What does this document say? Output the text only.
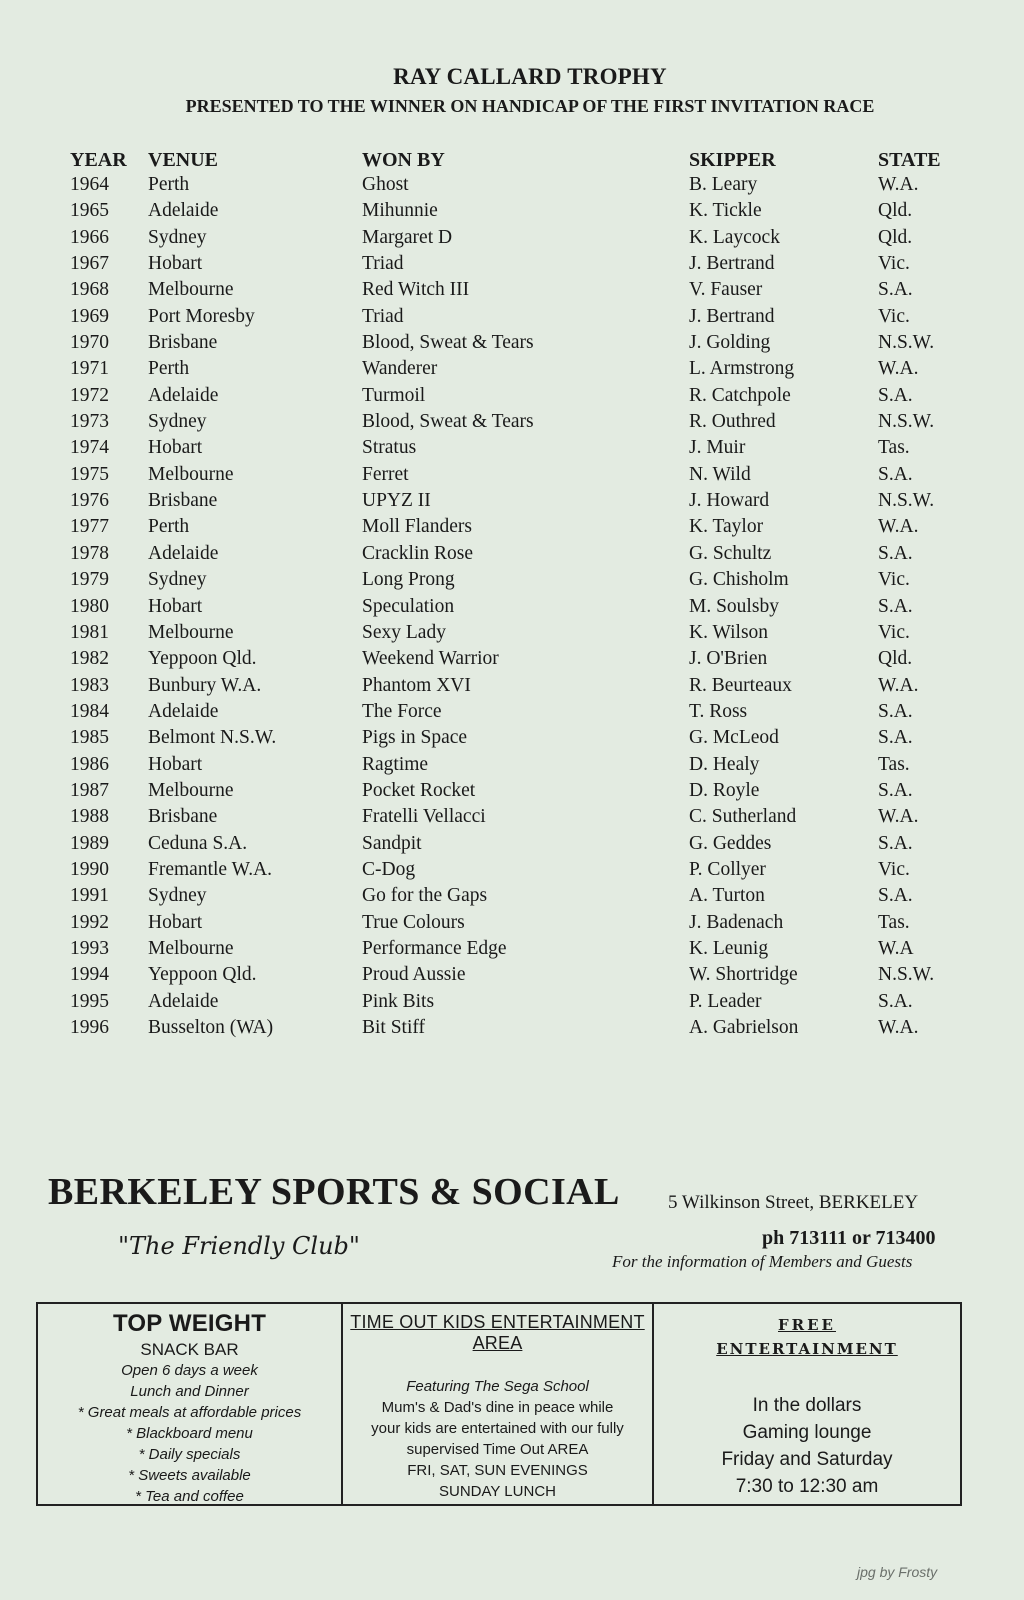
RAY CALLARD TROPHY
PRESENTED TO THE WINNER ON HANDICAP OF THE FIRST INVITATION RACE
YEAR VENUE	WON BY	SKIPPER	STATE
1964 Perth	Ghost	B. Leary	W.A.
1965 Adelaide	Mihunnie	K. Tickle	Qld.
1966 Sydney	Margaret D	K. Laycock	Qld.
1967 Hobart	Triad	J. Bertrand	Vic.
1968 Melbourne	Red Witch III	V. Fauser	S.A.
1969 Port Moresby	Triad	J. Bertrand	Vic.
1970 Brisbane	Blood, Sweat & Tears	J. Golding	N.S.W.
1971 Perth	Wanderer	L. Armstrong	W.A.
1972 Adelaide	Turmoil	R. Catchpole	S.A.
1973 Sydney	Blood, Sweat & Tears	R. Outhred	N.S.W.
1974 Hobart	Stratus	J. Muir	Tas.
1975 Melbourne	Ferret	N. Wild	S.A.
1976 Brisbane	UPYZ II	J. Howard	N.S.W.
1977 Perth	Moll Flanders	K. Taylor	W.A.
1978 Adelaide	Cracklin Rose	G. Schultz	S.A.
1979 Sydney	Long Prong	G. Chisholm	Vic.
1980 Hobart	Speculation	M. Soulsby	S.A.
1981 Melbourne	Sexy Lady	K. Wilson	Vic.
1982 Yeppoon Qld.	Weekend Warrior	J. O'Brien	Qld.
1983 Bunbury W.A.	Phantom XVI	R. Beurteaux	W.A.
1984 Adelaide	The Force	T. Ross	S.A.
1985 Belmont N.S.W.	Pigs in Space	G. McLeod	S.A.
1986 Hobart	Ragtime	D. Healy	Tas.
1987 Melbourne	Pocket Rocket	D. Royle	S.A.
1988 Brisbane	Fratelli Vellacci	C. Sutherland	W.A.
1989 Ceduna S.A.	Sandpit	G. Geddes	S.A.
1990 Fremantle W.A.	C-Dog	P. Collyer	Vic.
1991 Sydney	Go for the Gaps	A. Turton	S.A.
1992 Hobart	True Colours	J. Badenach	Tas.
1993 Melbourne	Performance Edge	K. Leunig	W.A
1994 Yeppoon Qld.	Proud Aussie	W. Shortridge	N.S.W.
1995 Adelaide	Pink Bits	P. Leader	S.A.
1996 Busselton (WA)	Bit Stiff	A. Gabrielson	W.A.
BERKELEY SPORTS & SOCIAL
"The Friendly Club"
5 Wilkinson Street, BERKELEY
ph 713111 or 713400
For the information of Members and Guests
TOP WEIGHT
SNACK BAR
Open 6 days a week
Lunch and Dinner
* Great meals at affordable prices
* Blackboard menu
* Daily specials
* Sweets available
* Tea and coffee
TIME OUT KIDS ENTERTAINMENT AREA
Featuring The Sega School
Mum's & Dad's dine in peace while
your kids are entertained with our fully
supervised Time Out AREA
FRI, SAT, SUN EVENINGS
SUNDAY LUNCH
FREE
ENTERTAINMENT
In the dollars
Gaming lounge
Friday and Saturday
7:30 to 12:30 am
jpg by Frosty
